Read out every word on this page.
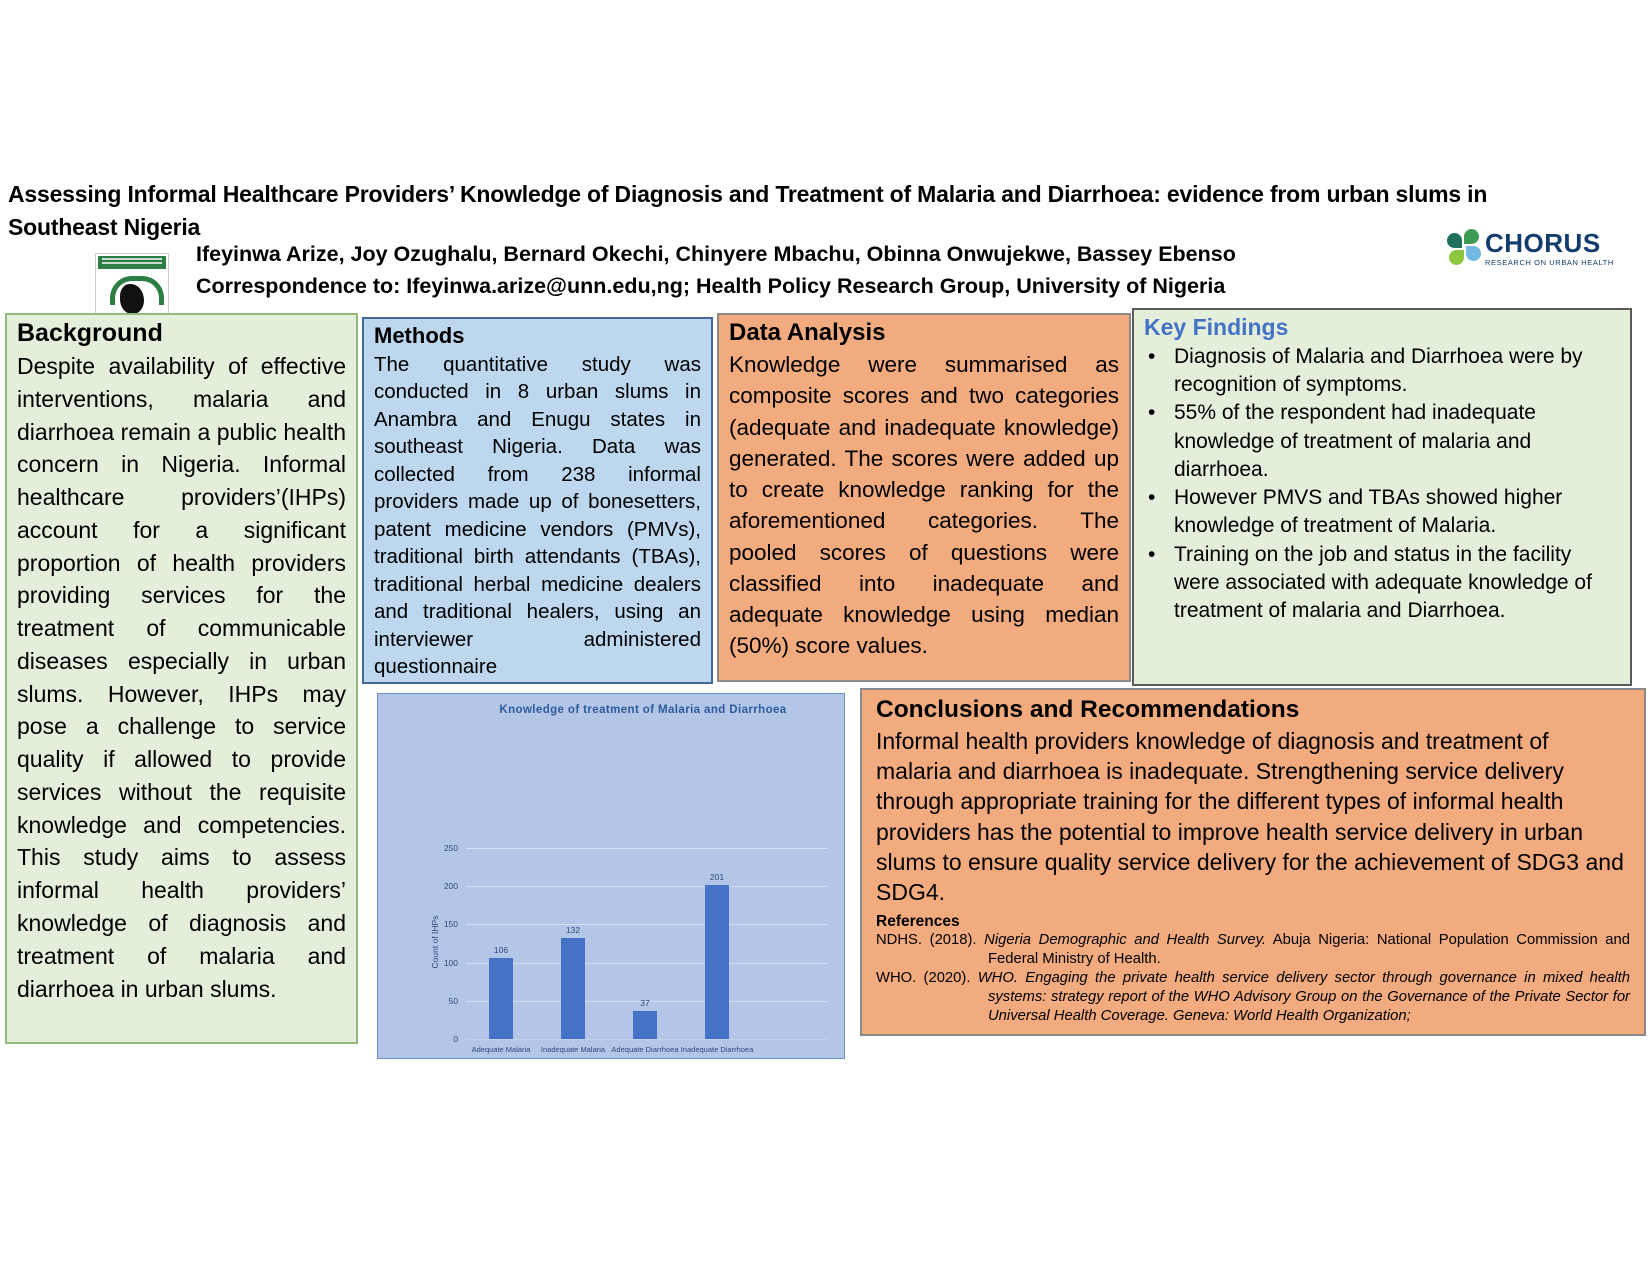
Assessing Informal Healthcare Providers’ Knowledge of Diagnosis and Treatment of Malaria and Diarrhoea: evidence from urban slums in Southeast Nigeria
Ifeyinwa Arize, Joy Ozughalu, Bernard Okechi, Chinyere Mbachu, Obinna Onwujekwe, Bassey Ebenso
Correspondence to: Ifeyinwa.arize@unn.edu,ng; Health Policy Research Group, University of Nigeria
CHORUS
RESEARCH ON URBAN HEALTH
Background
Despite availability of effective interventions, malaria and diarrhoea remain a public health concern in Nigeria. Informal healthcare providers’(IHPs) account for a significant proportion of health providers providing services for the treatment of communicable diseases especially in urban slums. However, IHPs may pose a challenge to service quality if allowed to provide services without the requisite knowledge and competencies. This study aims to assess informal health providers’ knowledge of diagnosis and treatment of malaria and diarrhoea in urban slums.
Methods
The quantitative study was conducted in 8 urban slums in Anambra and Enugu states in southeast Nigeria. Data was collected from 238 informal providers made up of bonesetters, patent medicine vendors (PMVs), traditional birth attendants (TBAs), traditional herbal medicine dealers and traditional healers, using an interviewer administered questionnaire
Data Analysis
Knowledge were summarised as composite scores and two categories (adequate and inadequate knowledge) generated. The scores were added up to create knowledge ranking for the aforementioned categories. The pooled scores of questions were classified into inadequate and adequate knowledge using median (50%) score values.
Key Findings
• Diagnosis of Malaria and Diarrhoea were by recognition of symptoms.
• 55% of the respondent had inadequate knowledge of treatment of malaria and diarrhoea.
• However PMVS and TBAs showed higher knowledge of treatment of Malaria.
• Training on the job and status in the facility were associated with adequate knowledge of treatment of malaria and Diarrhoea.
Knowledge of treatment of Malaria and Diarrhoea
Count of IHPs
0
50
100
150
200
250
106
Adequate Malaria
132
Inadequate Malaria
37
Adequate Diarrhoea
201
Inadequate Diarrhoea
Conclusions and Recommendations
Informal health providers knowledge of diagnosis and treatment of malaria and diarrhoea is inadequate. Strengthening service delivery through appropriate training for the different types of informal health providers has the potential to improve health service delivery in urban slums to ensure quality service delivery for the achievement of SDG3 and SDG4.
References

NDHS. (2018). Nigeria Demographic and Health Survey. Abuja Nigeria: National Population Commission and Federal Ministry of Health.

WHO. (2020). WHO. Engaging the private health service delivery sector through governance in mixed health systems: strategy report of the WHO Advisory Group on the Governance of the Private Sector for Universal Health Coverage. Geneva: World Health Organization;
